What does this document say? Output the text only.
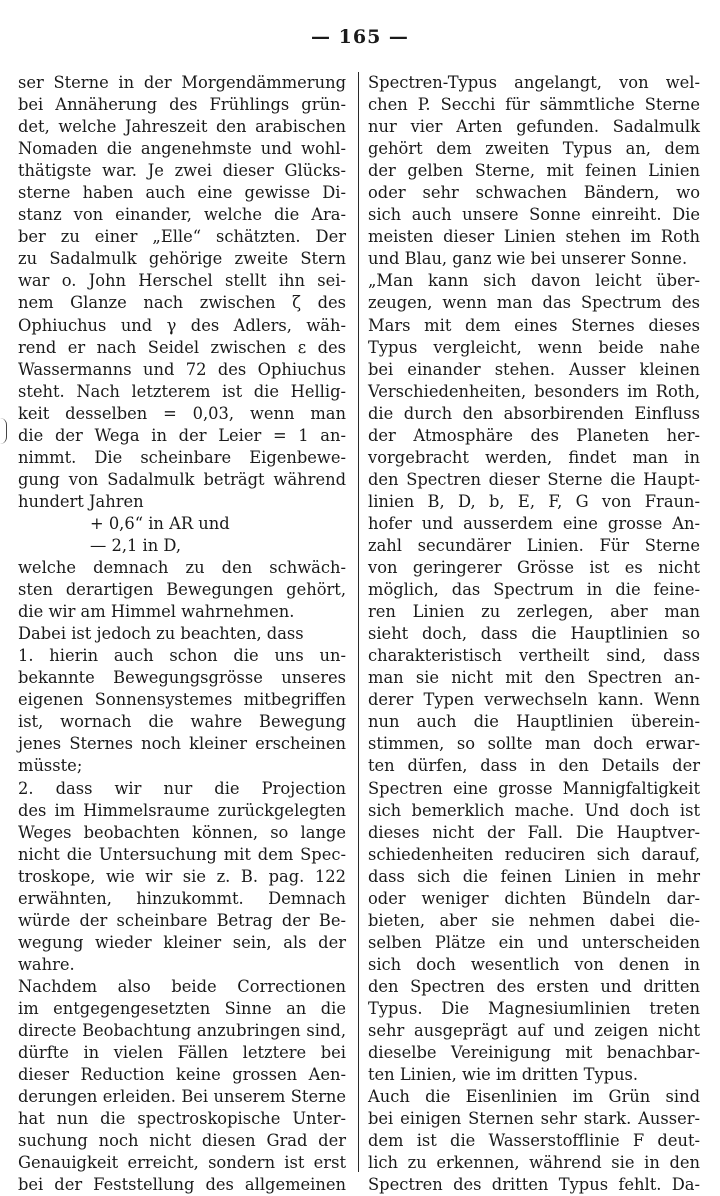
— 165 —
ser Sterne in der Morgendämmerung
bei Annäherung des Frühlings grün-
det, welche Jahreszeit den arabischen
Nomaden die angenehmste und wohl-
thätigste war. Je zwei dieser Glücks-
sterne haben auch eine gewisse Di-
stanz von einander, welche die Ara-
ber zu einer „Elle“ schätzten. Der
zu Sadalmulk gehörige zweite Stern
war o. John Herschel stellt ihn sei-
nem Glanze nach zwischen ζ des
Ophiuchus und γ des Adlers, wäh-
rend er nach Seidel zwischen ε des
Wassermanns und 72 des Ophiuchus
steht. Nach letzterem ist die Hellig-
keit desselben = 0,03, wenn man
die der Wega in der Leier = 1 an-
nimmt. Die scheinbare Eigenbewe-
gung von Sadalmulk beträgt während
hundert Jahren
+ 0,6“ in AR und
— 2,1 in D,
welche demnach zu den schwäch-
sten derartigen Bewegungen gehört,
die wir am Himmel wahrnehmen.
Dabei ist jedoch zu beachten, dass
1. hierin auch schon die uns un-
bekannte Bewegungsgrösse unseres
eigenen Sonnensystemes mitbegriffen
ist, wornach die wahre Bewegung
jenes Sternes noch kleiner erscheinen
müsste;
2. dass wir nur die Projection
des im Himmelsraume zurückgelegten
Weges beobachten können, so lange
nicht die Untersuchung mit dem Spec-
troskope, wie wir sie z. B. pag. 122
erwähnten, hinzukommt. Demnach
würde der scheinbare Betrag der Be-
wegung wieder kleiner sein, als der
wahre.
Nachdem also beide Correctionen
im entgegengesetzten Sinne an die
directe Beobachtung anzubringen sind,
dürfte in vielen Fällen letztere bei
dieser Reduction keine grossen Aen-
derungen erleiden. Bei unserem Sterne
hat nun die spectroskopische Unter-
suchung noch nicht diesen Grad der
Genauigkeit erreicht, sondern ist erst
bei der Feststellung des allgemeinen
Spectren-Typus angelangt, von wel-
chen P. Secchi für sämmtliche Sterne
nur vier Arten gefunden. Sadalmulk
gehört dem zweiten Typus an, dem
der gelben Sterne, mit feinen Linien
oder sehr schwachen Bändern, wo
sich auch unsere Sonne einreiht. Die
meisten dieser Linien stehen im Roth
und Blau, ganz wie bei unserer Sonne.
„Man kann sich davon leicht über-
zeugen, wenn man das Spectrum des
Mars mit dem eines Sternes dieses
Typus vergleicht, wenn beide nahe
bei einander stehen. Ausser kleinen
Verschiedenheiten, besonders im Roth,
die durch den absorbirenden Einfluss
der Atmosphäre des Planeten her-
vorgebracht werden, findet man in
den Spectren dieser Sterne die Haupt-
linien B, D, b, E, F, G von Fraun-
hofer und ausserdem eine grosse An-
zahl secundärer Linien. Für Sterne
von geringerer Grösse ist es nicht
möglich, das Spectrum in die feine-
ren Linien zu zerlegen, aber man
sieht doch, dass die Hauptlinien so
charakteristisch vertheilt sind, dass
man sie nicht mit den Spectren an-
derer Typen verwechseln kann. Wenn
nun auch die Hauptlinien überein-
stimmen, so sollte man doch erwar-
ten dürfen, dass in den Details der
Spectren eine grosse Mannigfaltigkeit
sich bemerklich mache. Und doch ist
dieses nicht der Fall. Die Hauptver-
schiedenheiten reduciren sich darauf,
dass sich die feinen Linien in mehr
oder weniger dichten Bündeln dar-
bieten, aber sie nehmen dabei die-
selben Plätze ein und unterscheiden
sich doch wesentlich von denen in
den Spectren des ersten und dritten
Typus. Die Magnesiumlinien treten
sehr ausgeprägt auf und zeigen nicht
dieselbe Vereinigung mit benachbar-
ten Linien, wie im dritten Typus.
Auch die Eisenlinien im Grün sind
bei einigen Sternen sehr stark. Ausser-
dem ist die Wasserstofflinie F deut-
lich zu erkennen, während sie in den
Spectren des dritten Typus fehlt. Da-
